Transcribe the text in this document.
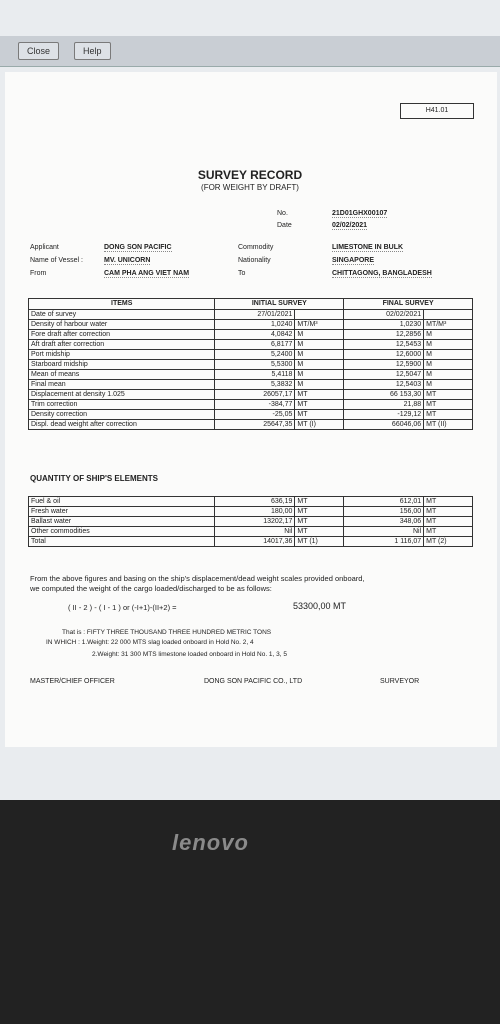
Close	Help
H41.01
SURVEY RECORD
(FOR WEIGHT BY DRAFT)
No.	21D01GHX00107
Date	02/02/2021
Applicant	DONG SON PACIFIC
Name of Vessel :	MV. UNICORN
From	CAM PHA ANG VIET NAM
Commodity	LIMESTONE IN BULK
Nationality	SINGAPORE
To	CHITTAGONG, BANGLADESH
ITEMS	INITIAL SURVEY		FINAL SURVEY	
Date of survey	27/01/2021		02/02/2021	
Density of harbour water	1,0240	MT/M³	1,0230	MT/M³
Fore draft after correction	4,0842	M	12,2856	M
Aft draft after correction	6,8177	M	12,5453	M
Port midship	5,2400	M	12,6000	M
Starboard midship	5,5300	M	12,5900	M
Mean of means	5,4118	M	12,5047	M
Final mean	5,3832	M	12,5403	M
Displacement at density 1.025	26057,17	MT	66 153,30	MT
Trim correction	-384,77	MT	21,88	MT
Density correction	-25,05	MT	-129,12	MT
Displ. dead weight after correction	25647,35	MT (I)	66046,06	MT (II)
QUANTITY OF SHIP'S ELEMENTS
Fuel & oil	636,19	MT	612,01	MT
Fresh water	180,00	MT	156,00	MT
Ballast water	13202,17	MT	348,06	MT
Other commodities	Nil	MT	Nil	MT
Total	14017,36	MT (1)	1 116,07	MT (2)
From the above figures and basing on the ship's displacement/dead weight scales provided onboard,
we computed the weight of the cargo loaded/discharged to be as follows:
( II - 2 ) - ( I - 1 ) or (-I+1)-(II+2) =	53300,00 MT
That is : FIFTY THREE THOUSAND THREE HUNDRED METRIC TONS
IN WHICH : 1.Weight: 22 000 MTS slag loaded onboard in Hold No. 2, 4
2.Weight: 31 300 MTS limestone loaded onboard in Hold No. 1, 3, 5
MASTER/CHIEF OFFICER	DONG SON PACIFIC CO., LTD	SURVEYOR
lenovo
